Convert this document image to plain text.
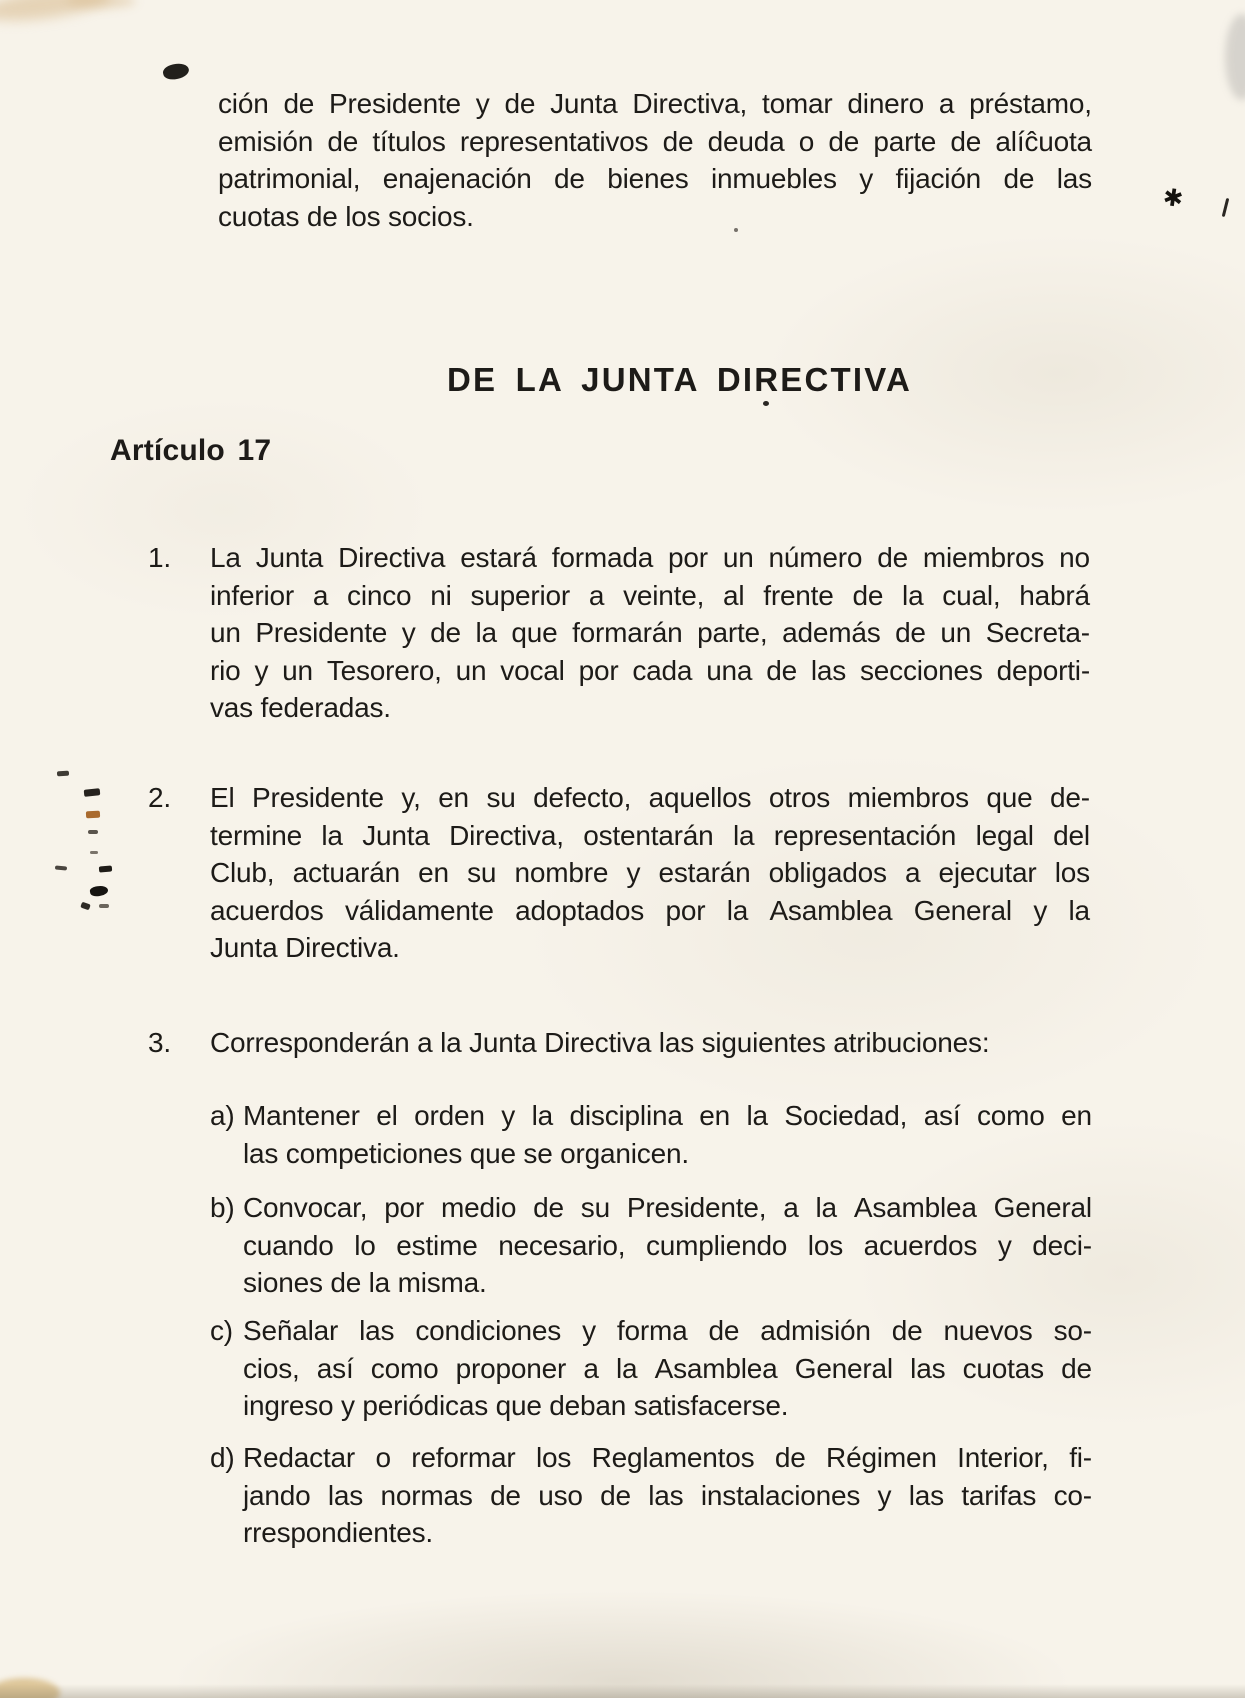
✱
ción de Presidente y de Junta Directiva, tomar dinero a préstamo,
emisión de títulos representativos de deuda o de parte de alíĉuota
patrimonial, enajenación de bienes inmuebles y fijación de las
cuotas de los socios.
DE LA JUNTA DIRECTIVA
Artículo 17
1. La Junta Directiva estará formada por un número de miembros no
inferior a cinco ni superior a veinte, al frente de la cual, habrá
un Presidente y de la que formarán parte, además de un Secreta-
rio y un Tesorero, un vocal por cada una de las secciones deporti-
vas federadas.
2. El Presidente y, en su defecto, aquellos otros miembros que de-
termine la Junta Directiva, ostentarán la representación legal del
Club, actuarán en su nombre y estarán obligados a ejecutar los
acuerdos válidamente adoptados por la Asamblea General y la
Junta Directiva.
3. Corresponderán a la Junta Directiva las siguientes atribuciones:
a) Mantener el orden y la disciplina en la Sociedad, así como en
las competiciones que se organicen.
b) Convocar, por medio de su Presidente, a la Asamblea General
cuando lo estime necesario, cumpliendo los acuerdos y deci-
siones de la misma.
c) Señalar las condiciones y forma de admisión de nuevos so-
cios, así como proponer a la Asamblea General las cuotas de
ingreso y periódicas que deban satisfacerse.
d) Redactar o reformar los Reglamentos de Régimen Interior, fi-
jando las normas de uso de las instalaciones y las tarifas co-
rrespondientes.
